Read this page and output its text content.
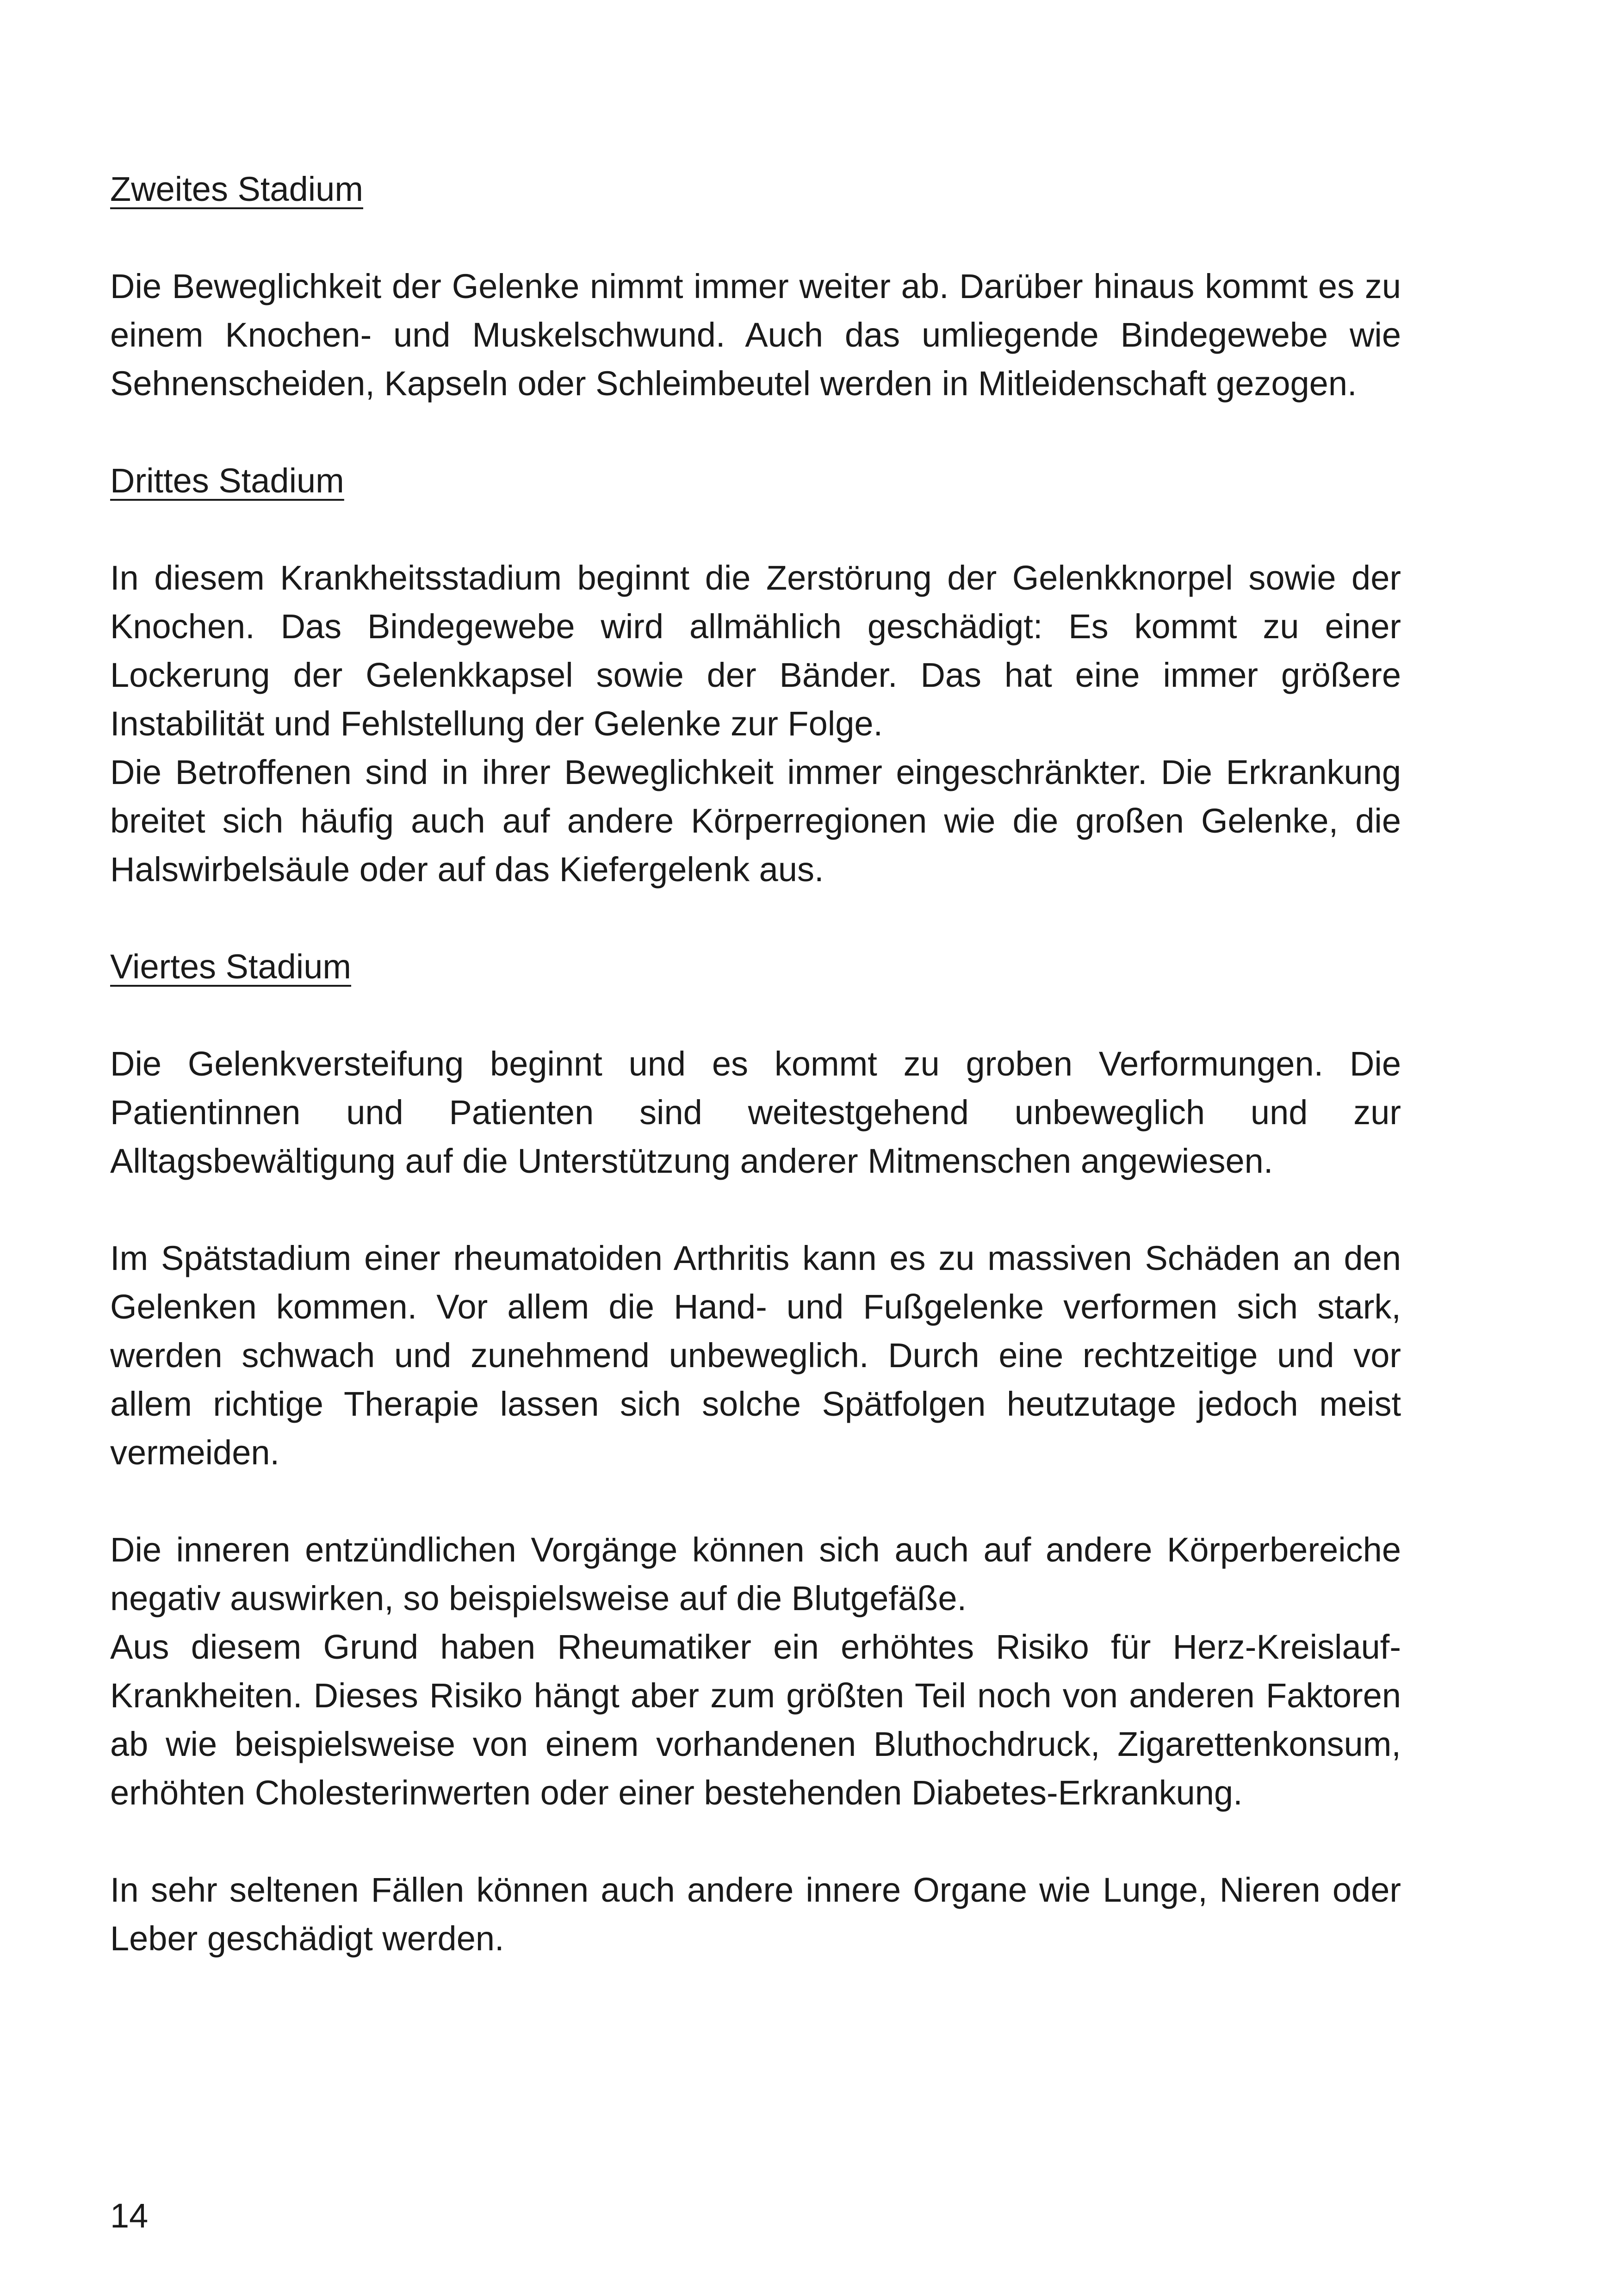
Zweites Stadium

Die Beweglichkeit der Gelenke nimmt immer weiter ab. Darüber hinaus kommt es zu einem Knochen- und Muskelschwund. Auch das umliegende Bindegewebe wie Sehnenscheiden, Kapseln oder Schleimbeutel werden in Mitleidenschaft gezogen.

Drittes Stadium

In diesem Krankheitsstadium beginnt die Zerstörung der Gelenkknorpel sowie der Knochen. Das Bindegewebe wird allmählich geschädigt: Es kommt zu einer Lockerung der Gelenkkapsel sowie der Bänder. Das hat eine immer größere Instabilität und Fehlstellung der Gelenke zur Folge.

Die Betroffenen sind in ihrer Beweglichkeit immer eingeschränkter. Die Erkrankung breitet sich häufig auch auf andere Körperregionen wie die großen Gelenke, die Halswirbelsäule oder auf das Kiefergelenk aus.

Viertes Stadium

Die Gelenkversteifung beginnt und es kommt zu groben Verformungen. Die Patientinnen und Patienten sind weitestgehend unbeweglich und zur Alltagsbewältigung auf die Unterstützung anderer Mitmenschen angewiesen.

Im Spätstadium einer rheumatoiden Arthritis kann es zu massiven Schäden an den Gelenken kommen. Vor allem die Hand- und Fußgelenke verformen sich stark, werden schwach und zunehmend unbeweglich. Durch eine rechtzeitige und vor allem richtige Therapie lassen sich solche Spätfolgen heutzutage jedoch meist vermeiden.

Die inneren entzündlichen Vorgänge können sich auch auf andere Körperbereiche negativ auswirken, so beispielsweise auf die Blutgefäße.

Aus diesem Grund haben Rheumatiker ein erhöhtes Risiko für Herz-Kreislauf-Krankheiten. Dieses Risiko hängt aber zum größten Teil noch von anderen Faktoren ab wie beispielsweise von einem vorhandenen Bluthochdruck, Zigarettenkonsum, erhöhten Cholesterinwerten oder einer bestehenden Diabetes-Erkrankung.

In sehr seltenen Fällen können auch andere innere Organe wie Lunge, Nieren oder Leber geschädigt werden.

14
